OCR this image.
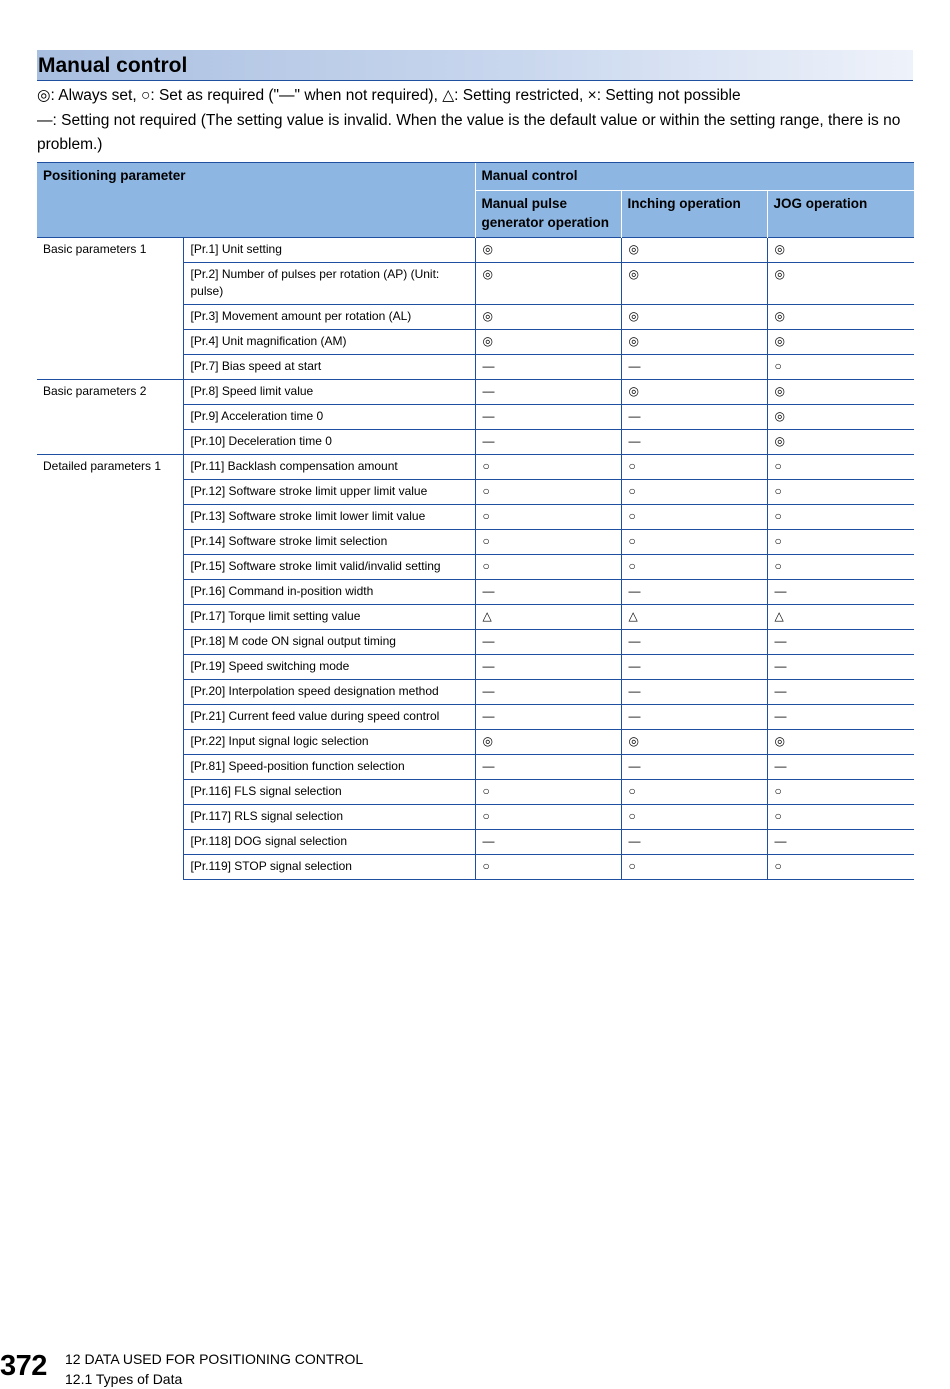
Manual control

◎: Always set, ○: Set as required ("—" when not required), △: Setting restricted, ×: Setting not possible

—: Setting not required (The setting value is invalid. When the value is the default value or within the setting range, there is no problem.)

Positioning parameter		Manual control		
		Manual pulse generator operation	Inching operation	JOG operation
Basic parameters 1	[Pr.1] Unit setting	◎	◎	◎
	[Pr.2] Number of pulses per rotation (AP) (Unit: pulse)	◎	◎	◎
	[Pr.3] Movement amount per rotation (AL)	◎	◎	◎
	[Pr.4] Unit magnification (AM)	◎	◎	◎
	[Pr.7] Bias speed at start	—	—	○
Basic parameters 2	[Pr.8] Speed limit value	—	◎	◎
	[Pr.9] Acceleration time 0	—	—	◎
	[Pr.10] Deceleration time 0	—	—	◎
Detailed parameters 1	[Pr.11] Backlash compensation amount	○	○	○
	[Pr.12] Software stroke limit upper limit value	○	○	○
	[Pr.13] Software stroke limit lower limit value	○	○	○
	[Pr.14] Software stroke limit selection	○	○	○
	[Pr.15] Software stroke limit valid/invalid setting	○	○	○
	[Pr.16] Command in-position width	—	—	—
	[Pr.17] Torque limit setting value	△	△	△
	[Pr.18] M code ON signal output timing	—	—	—
	[Pr.19] Speed switching mode	—	—	—
	[Pr.20] Interpolation speed designation method	—	—	—
	[Pr.21] Current feed value during speed control	—	—	—
	[Pr.22] Input signal logic selection	◎	◎	◎
	[Pr.81] Speed-position function selection	—	—	—
	[Pr.116] FLS signal selection	○	○	○
	[Pr.117] RLS signal selection	○	○	○
	[Pr.118] DOG signal selection	—	—	—
	[Pr.119] STOP signal selection	○	○	○
372 12 DATA USED FOR POSITIONING CONTROL
12.1 Types of Data
